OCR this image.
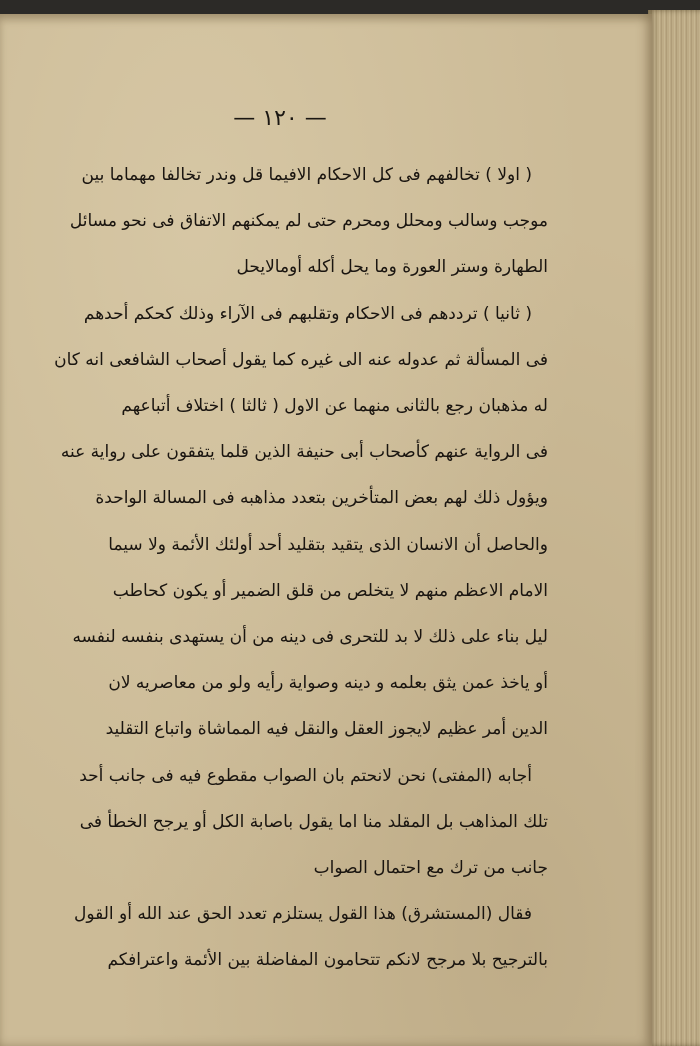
— ١٢٠ —
( اولا ) تخالفهم فى كل الاحكام الافيما قل وندر تخالفا مهماما بين
موجب وسالب ومحلل ومحرم حتى لم يمكنهم الاتفاق فى نحو مسائل
الطهارة وستر العورة وما يحل أكله أومالايحل
( ثانيا ) ترددهم فى الاحكام وتقلبهم فى الآراء وذلك كحكم أحدهم
فى المسألة ثم عدوله عنه الى غيره كما يقول أصحاب الشافعى انه كان
له مذهبان رجع بالثانى منهما عن الاول ( ثالثا ) اختلاف أتباعهم
فى الرواية عنهم كأصحاب أبى حنيفة الذين قلما يتفقون على رواية عنه
ويؤول ذلك لهم بعض المتأخرين بتعدد مذاهبه فى المسالة الواحدة
والحاصل أن الانسان الذى يتقيد بتقليد أحد أولئك الأئمة ولا سيما
الامام الاعظم منهم لا يتخلص من قلق الضمير أو يكون كحاطب
ليل بناء على ذلك لا بد للتحرى فى دينه من أن يستهدى بنفسه لنفسه
أو ياخذ عمن يثق بعلمه و دينه وصواية رأيه ولو من معاصريه لان
الدين أمر عظيم لايجوز العقل والنقل فيه المماشاة واتباع التقليد
أجابه (المفتى) نحن لانحتم بان الصواب مقطوع فيه فى جانب أحد
تلك المذاهب بل المقلد منا اما يقول باصابة الكل أو يرجح الخطأ فى
جانب من ترك مع احتمال الصواب
فقال (المستشرق) هذا القول يستلزم تعدد الحق عند الله أو القول
بالترجيح بلا مرجح لانكم تتحامون المفاضلة بين الأئمة واعترافكم
